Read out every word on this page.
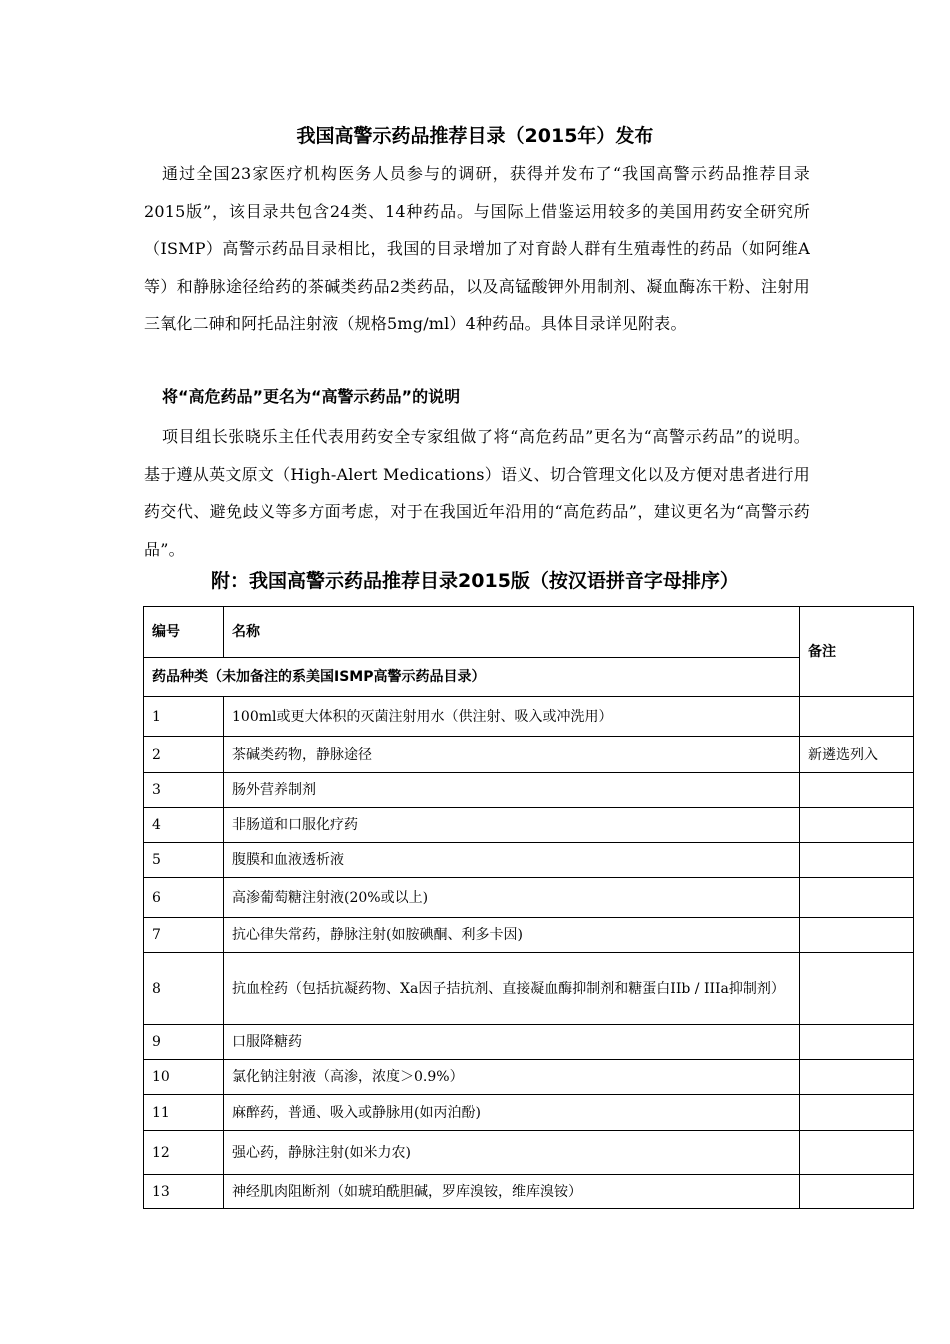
我国高警示药品推荐目录（2015年）发布
通过全国23家医疗机构医务人员参与的调研，获得并发布了“我国高警示药品推荐目录2015版”，该目录共包含24类、14种药品。与国际上借鉴运用较多的美国用药安全研究所（ISMP）高警示药品目录相比，我国的目录增加了对育龄人群有生殖毒性的药品（如阿维A等）和静脉途径给药的茶碱类药品2类药品，以及高锰酸钾外用制剂、凝血酶冻干粉、注射用三氧化二砷和阿托品注射液（规格5mg/ml）4种药品。具体目录详见附表。
将“高危药品”更名为“高警示药品”的说明
项目组长张晓乐主任代表用药安全专家组做了将“高危药品”更名为“高警示药品”的说明。基于遵从英文原文（High-Alert Medications）语义、切合管理文化以及方便对患者进行用药交代、避免歧义等多方面考虑，对于在我国近年沿用的“高危药品”，建议更名为“高警示药品”。
附：我国高警示药品推荐目录2015版（按汉语拼音字母排序）
编号	名称	备注
药品种类（未加备注的系美国ISMP高警示药品目录）		
1	100ml或更大体积的灭菌注射用水（供注射、吸入或冲洗用）	
2	茶碱类药物，静脉途径	新遴选列入
3	肠外营养制剂	
4	非肠道和口服化疗药	
5	腹膜和血液透析液	
6	高渗葡萄糖注射液(20%或以上)	
7	抗心律失常药，静脉注射(如胺碘酮、利多卡因)	
8	抗血栓药（包括抗凝药物、Xa因子拮抗剂、直接凝血酶抑制剂和糖蛋白IIb / IIIa抑制剂）	
9	口服降糖药	
10	氯化钠注射液（高渗，浓度＞0.9%）	
11	麻醉药，普通、吸入或静脉用(如丙泊酚)	
12	强心药，静脉注射(如米力农)	
13	神经肌肉阻断剂（如琥珀酰胆碱，罗库溴铵，维库溴铵）	
